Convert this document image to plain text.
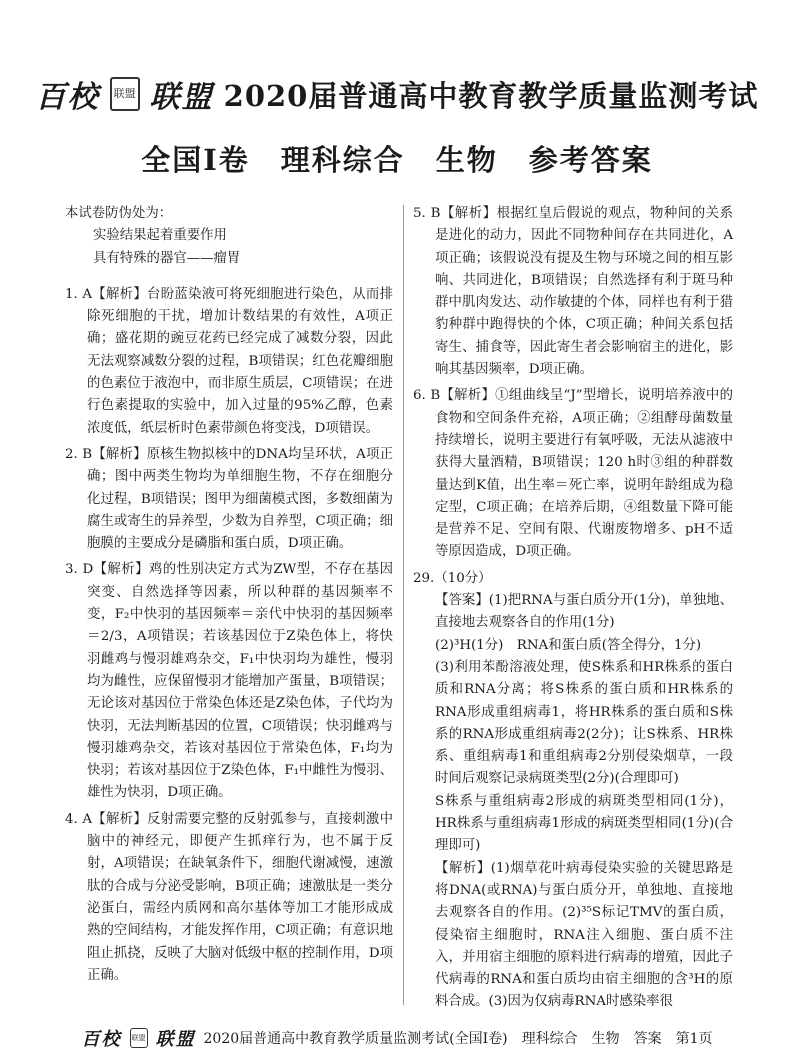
百校	联盟 联盟 2020届普通高中教育教学质量监测考试
全国Ⅰ卷　理科综合　生物　参考答案

本试卷防伪处为：

实验结果起着重要作用

具有特殊的器官——瘤胃

1. A【解析】台盼蓝染液可将死细胞进行染色，从而排除死细胞的干扰，增加计数结果的有效性，A项正确；盛花期的豌豆花药已经完成了减数分裂，因此无法观察减数分裂的过程，B项错误；红色花瓣细胞的色素位于液泡中，而非原生质层，C项错误；在进行色素提取的实验中，加入过量的95%乙醇，色素浓度低，纸层析时色素带颜色将变浅，D项错误。

2. B【解析】原核生物拟核中的DNA均呈环状，A项正确；图中两类生物均为单细胞生物，不存在细胞分化过程，B项错误；图甲为细菌模式图，多数细菌为腐生或寄生的异养型，少数为自养型，C项正确；细胞膜的主要成分是磷脂和蛋白质，D项正确。

3. D【解析】鸡的性别决定方式为ZW型，不存在基因突变、自然选择等因素，所以种群的基因频率不变，F₂中快羽的基因频率＝亲代中快羽的基因频率＝2/3，A项错误；若该基因位于Z染色体上，将快羽雌鸡与慢羽雄鸡杂交，F₁中快羽均为雄性，慢羽均为雌性，应保留慢羽才能增加产蛋量，B项错误；无论该对基因位于常染色体还是Z染色体，子代均为快羽，无法判断基因的位置，C项错误；快羽雌鸡与慢羽雄鸡杂交，若该对基因位于常染色体，F₁均为快羽；若该对基因位于Z染色体，F₁中雌性为慢羽、雄性为快羽，D项正确。

4. A【解析】反射需要完整的反射弧参与，直接刺激中脑中的神经元，即便产生抓痒行为，也不属于反射，A项错误；在缺氧条件下，细胞代谢减慢，速激肽的合成与分泌受影响，B项正确；速激肽是一类分泌蛋白，需经内质网和高尔基体等加工才能形成成熟的空间结构，才能发挥作用，C项正确；有意识地阻止抓挠，反映了大脑对低级中枢的控制作用，D项正确。

5. B【解析】根据红皇后假说的观点，物种间的关系是进化的动力，因此不同物种间存在共同进化，A项正确；该假说没有提及生物与环境之间的相互影响、共同进化，B项错误；自然选择有利于斑马种群中肌肉发达、动作敏捷的个体，同样也有利于猎豹种群中跑得快的个体，C项正确；种间关系包括寄生、捕食等，因此寄生者会影响宿主的进化，影响其基因频率，D项正确。

6. B【解析】①组曲线呈“J”型增长，说明培养液中的食物和空间条件充裕，A项正确；②组酵母菌数量持续增长，说明主要进行有氧呼吸，无法从滤液中获得大量酒精，B项错误；120 h时③组的种群数量达到K值，出生率＝死亡率，说明年龄组成为稳定型，C项正确；在培养后期，④组数量下降可能是营养不足、空间有限、代谢废物增多、pH不适等原因造成，D项正确。

29.（10分）

【答案】(1)把RNA与蛋白质分开(1分)，单独地、直接地去观察各自的作用(1分)

(2)³H(1分)　RNA和蛋白质(答全得分，1分)

(3)利用苯酚溶液处理，使S株系和HR株系的蛋白质和RNA分离；将S株系的蛋白质和HR株系的RNA形成重组病毒1，将HR株系的蛋白质和S株系的RNA形成重组病毒2(2分)；让S株系、HR株系、重组病毒1和重组病毒2分别侵染烟草，一段时间后观察记录病斑类型(2分)(合理即可)

S株系与重组病毒2形成的病斑类型相同(1分)，HR株系与重组病毒1形成的病斑类型相同(1分)(合理即可)

【解析】(1)烟草花叶病毒侵染实验的关键思路是将DNA(或RNA)与蛋白质分开，单独地、直接地去观察各自的作用。(2)³⁵S标记TMV的蛋白质，侵染宿主细胞时，RNA注入细胞、蛋白质不注入，并用宿主细胞的原料进行病毒的增殖，因此子代病毒的RNA和蛋白质均由宿主细胞的含³H的原料合成。(3)因为仅病毒RNA时感染率很

百校 联盟 联盟 2020届普通高中教育教学质量监测考试(全国Ⅰ卷)　理科综合　生物　答案　第1页
